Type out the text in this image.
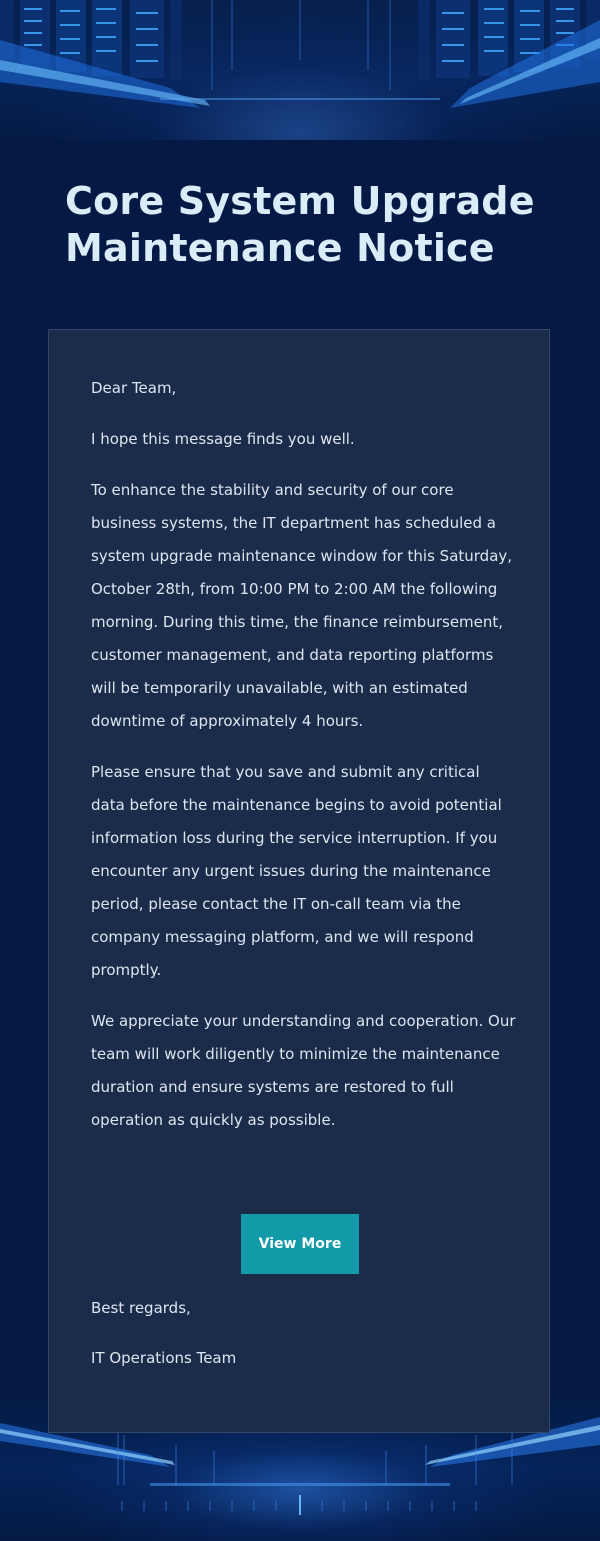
Core System Upgrade Maintenance Notice

Dear Team,

I hope this message finds you well.

To enhance the stability and security of our core business systems, the IT department has scheduled a system upgrade maintenance window for this Saturday, October 28th, from 10:00 PM to 2:00 AM the following morning. During this time, the finance reimbursement, customer management, and data reporting platforms will be temporarily unavailable, with an estimated downtime of approximately 4 hours.

Please ensure that you save and submit any critical data before the maintenance begins to avoid potential information loss during the service interruption. If you encounter any urgent issues during the maintenance period, please contact the IT on-call team via the company messaging platform, and we will respond promptly.

We appreciate your understanding and cooperation. Our team will work diligently to minimize the maintenance duration and ensure systems are restored to full operation as quickly as possible.

View More

Best regards,

IT Operations Team
